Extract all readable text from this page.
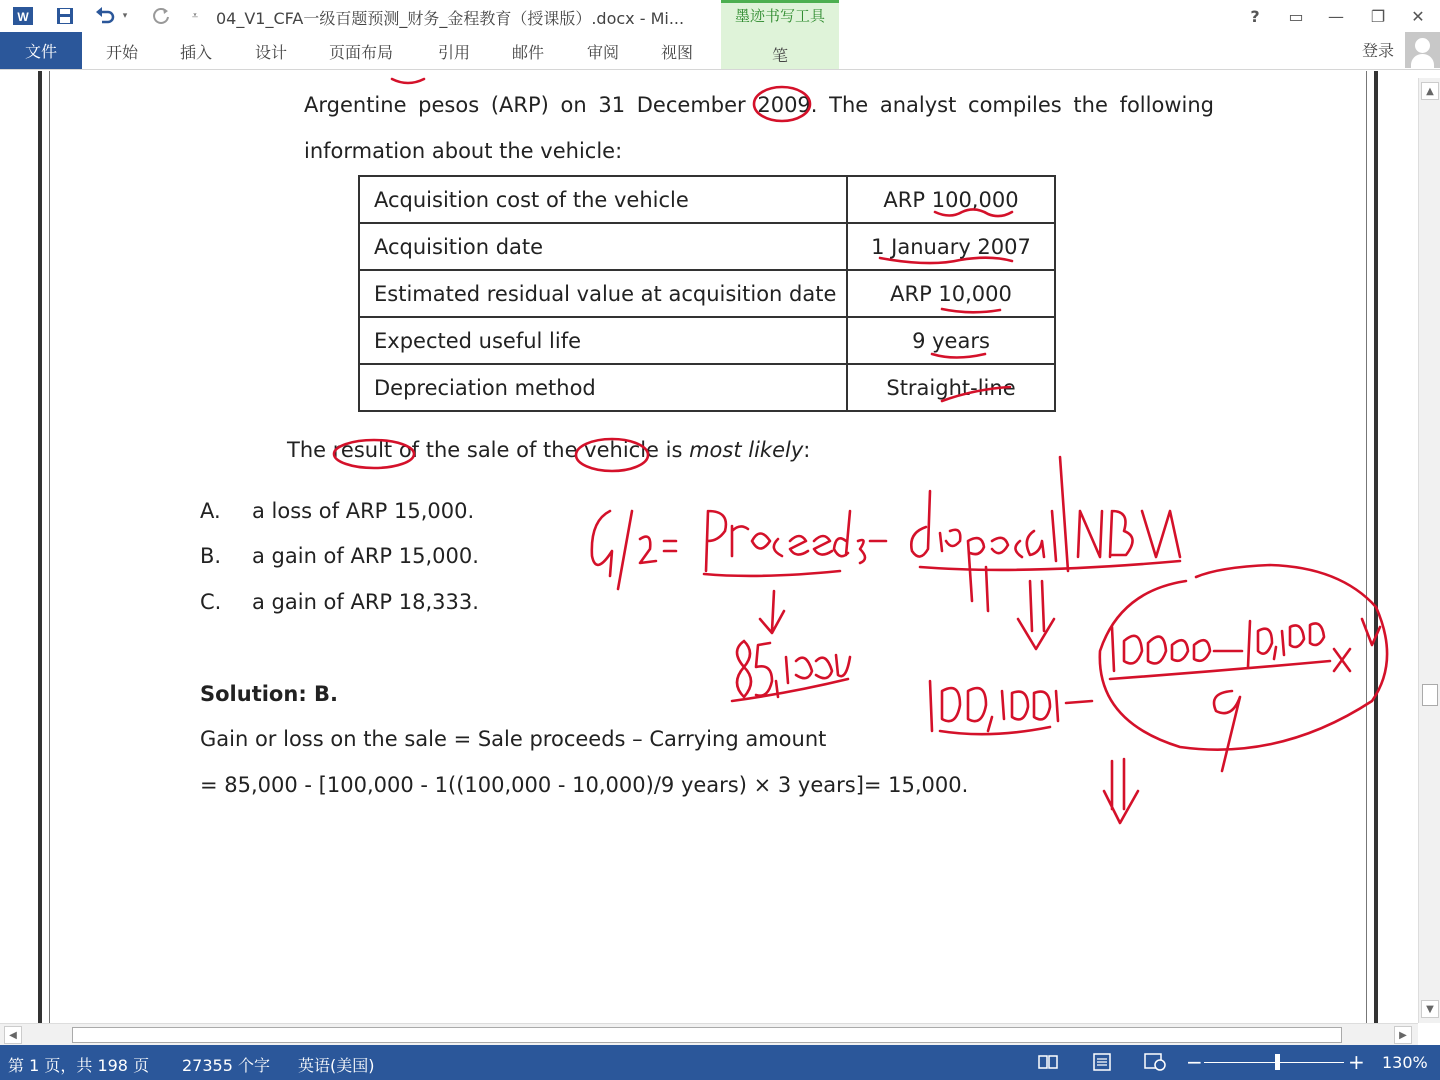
W	▾	⩡	04_V1_CFA一级百题预测_财务_金程教育（授课版）.docx - Mi...	?	▭	—	❐	✕
文件	开始	插入	设计	页面布局	引用	邮件	审阅	视图
墨迹书写工具
笔	登录
Argentine pesos (ARP) on 31 December 2009. The analyst compiles the following
information about the vehicle:
Acquisition cost of the vehicle	ARP 100,000
Acquisition date	1 January 2007
Estimated residual value at acquisition date	ARP 10,000
Expected useful life	9 years
Depreciation method	Straight-line
The result of the sale of the vehicle is most likely:
A. a loss of ARP 15,000.
B. a gain of ARP 15,000.
C. a gain of ARP 18,333.
Solution: B.
Gain or loss on the sale = Sale proceeds – Carrying amount
= 85,000 - [100,000 - 1((100,000 - 10,000)/9 years) × 3 years]= 15,000.
▲
▼
◀	▶
第 1 页，共 198 页 27355 个字 英语(美国)	−	+ 130%
